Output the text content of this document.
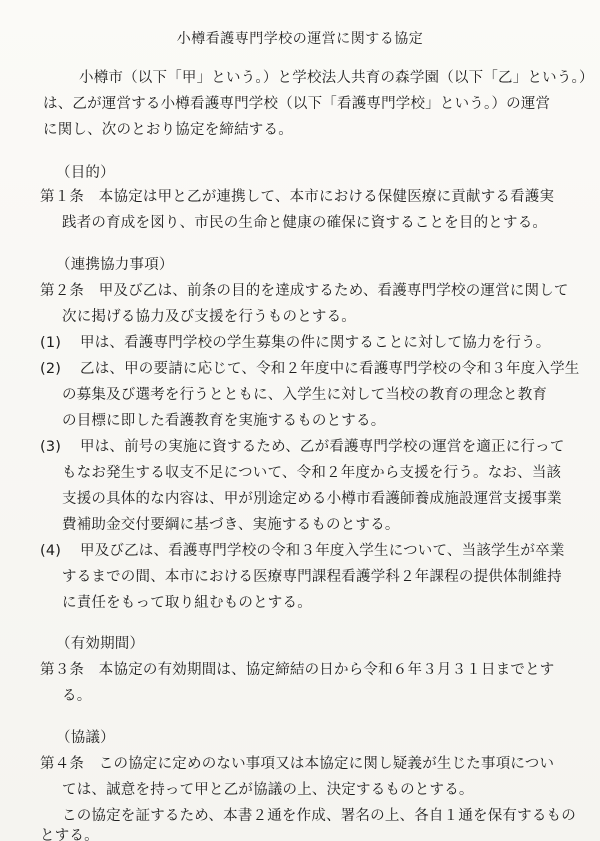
小樽看護専門学校の運営に関する協定
小樽市（以下「甲」という。）と学校法人共育の森学園（以下「乙」という。）
は、乙が運営する小樽看護専門学校（以下「看護専門学校」という。）の運営
に関し、次のとおり協定を締結する。
（目的）
第１条　本協定は甲と乙が連携して、本市における保健医療に貢献する看護実
践者の育成を図り、市民の生命と健康の確保に資することを目的とする。
（連携協力事項）
第２条　甲及び乙は、前条の目的を達成するため、看護専門学校の運営に関して
次に掲げる協力及び支援を行うものとする。
(1) 甲は、看護専門学校の学生募集の件に関することに対して協力を行う。
(2) 乙は、甲の要請に応じて、令和２年度中に看護専門学校の令和３年度入学生
の募集及び選考を行うとともに、入学生に対して当校の教育の理念と教育
の目標に即した看護教育を実施するものとする。
(3) 甲は、前号の実施に資するため、乙が看護専門学校の運営を適正に行って
もなお発生する収支不足について、令和２年度から支援を行う。なお、当該
支援の具体的な内容は、甲が別途定める小樽市看護師養成施設運営支援事業
費補助金交付要綱に基づき、実施するものとする。
(4) 甲及び乙は、看護専門学校の令和３年度入学生について、当該学生が卒業
するまでの間、本市における医療専門課程看護学科２年課程の提供体制維持
に責任をもって取り組むものとする。
（有効期間）
第３条　本協定の有効期間は、協定締結の日から令和６年３月３１日までとす
る。
（協議）
第４条　この協定に定めのない事項又は本協定に関し疑義が生じた事項につい
ては、誠意を持って甲と乙が協議の上、決定するものとする。
この協定を証するため、本書２通を作成、署名の上、各自１通を保有するもの
とする。
